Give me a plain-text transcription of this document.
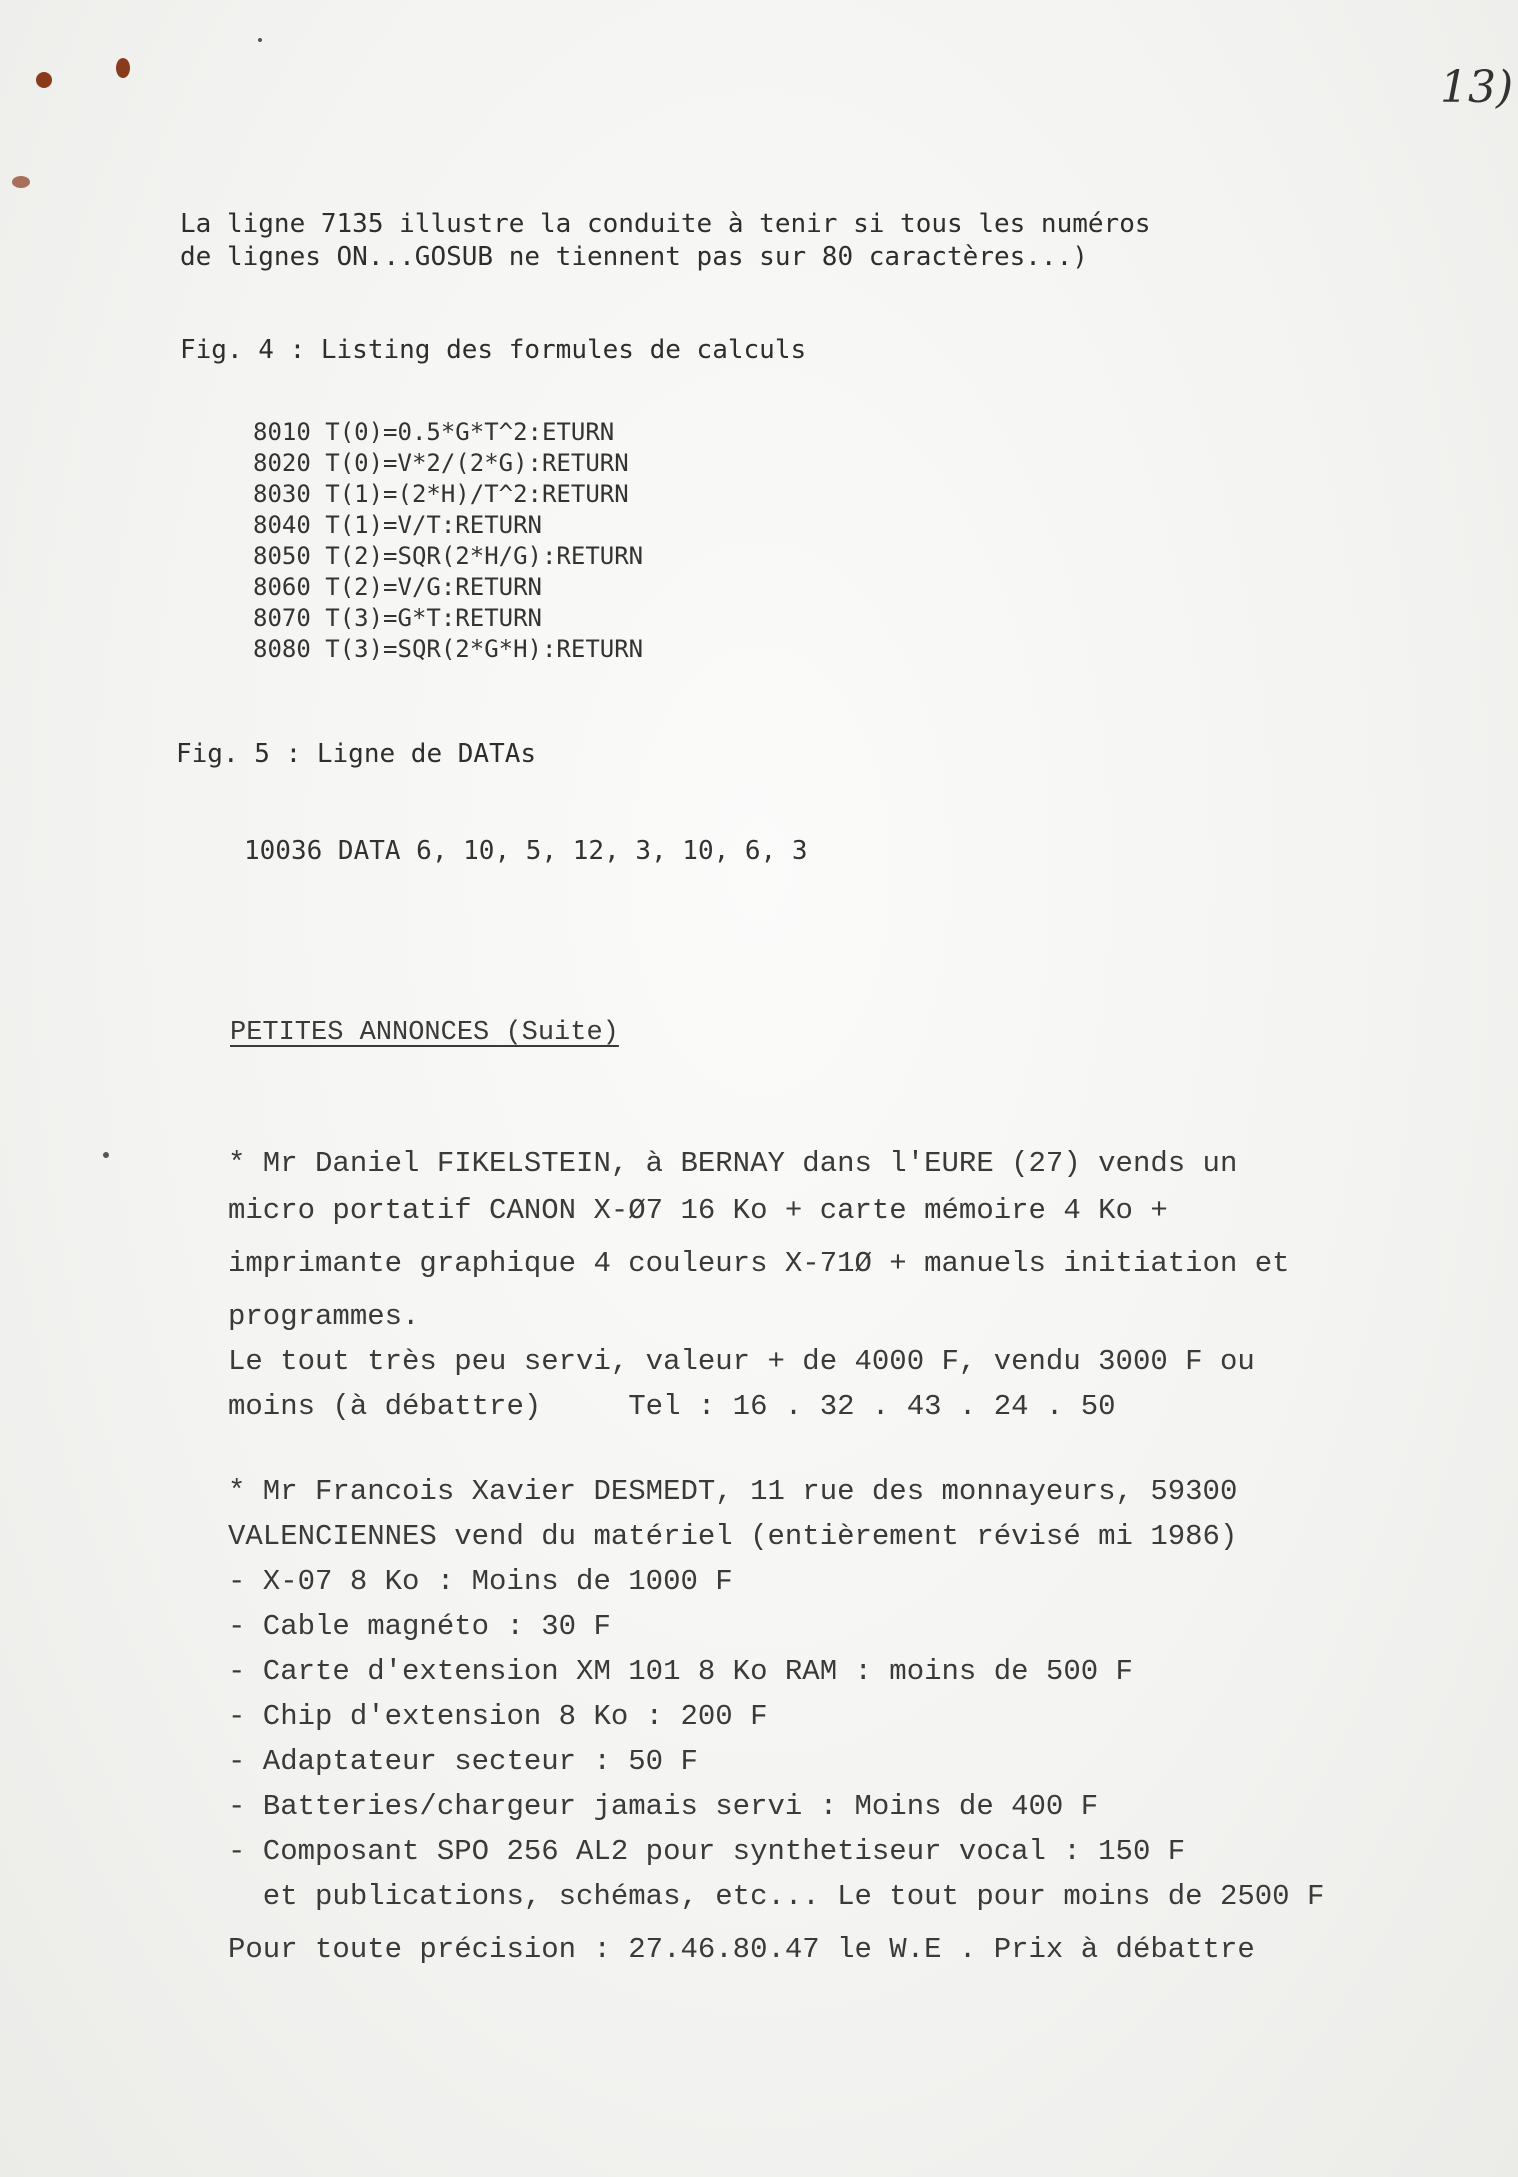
13)
La ligne 7135 illustre la conduite à tenir si tous les numéros
de lignes ON...GOSUB ne tiennent pas sur 80 caractères...)
Fig. 4 : Listing des formules de calculs
8010 T(0)=0.5*G*T^2:ETURN
8020 T(0)=V*2/(2*G):RETURN
8030 T(1)=(2*H)/T^2:RETURN
8040 T(1)=V/T:RETURN
8050 T(2)=SQR(2*H/G):RETURN
8060 T(2)=V/G:RETURN
8070 T(3)=G*T:RETURN
8080 T(3)=SQR(2*G*H):RETURN
Fig. 5 : Ligne de DATAs
10036 DATA 6, 10, 5, 12, 3, 10, 6, 3
PETITES ANNONCES (Suite)
* Mr Daniel FIKELSTEIN, à BERNAY dans l'EURE (27) vends un
micro portatif CANON X-Ø7 16 Ko + carte mémoire 4 Ko +
imprimante graphique 4 couleurs X-71Ø + manuels initiation et
programmes.
Le tout très peu servi, valeur + de 4000 F, vendu 3000 F ou
moins (à débattre)     Tel : 16 . 32 . 43 . 24 . 50
* Mr Francois Xavier DESMEDT, 11 rue des monnayeurs, 59300
VALENCIENNES vend du matériel (entièrement révisé mi 1986)
- X-07 8 Ko : Moins de 1000 F
- Cable magnéto : 30 F
- Carte d'extension XM 101 8 Ko RAM : moins de 500 F
- Chip d'extension 8 Ko : 200 F
- Adaptateur secteur : 50 F
- Batteries/chargeur jamais servi : Moins de 400 F
- Composant SPO 256 AL2 pour synthetiseur vocal : 150 F
et publications, schémas, etc... Le tout pour moins de 2500 F
Pour toute précision : 27.46.80.47 le W.E . Prix à débattre
